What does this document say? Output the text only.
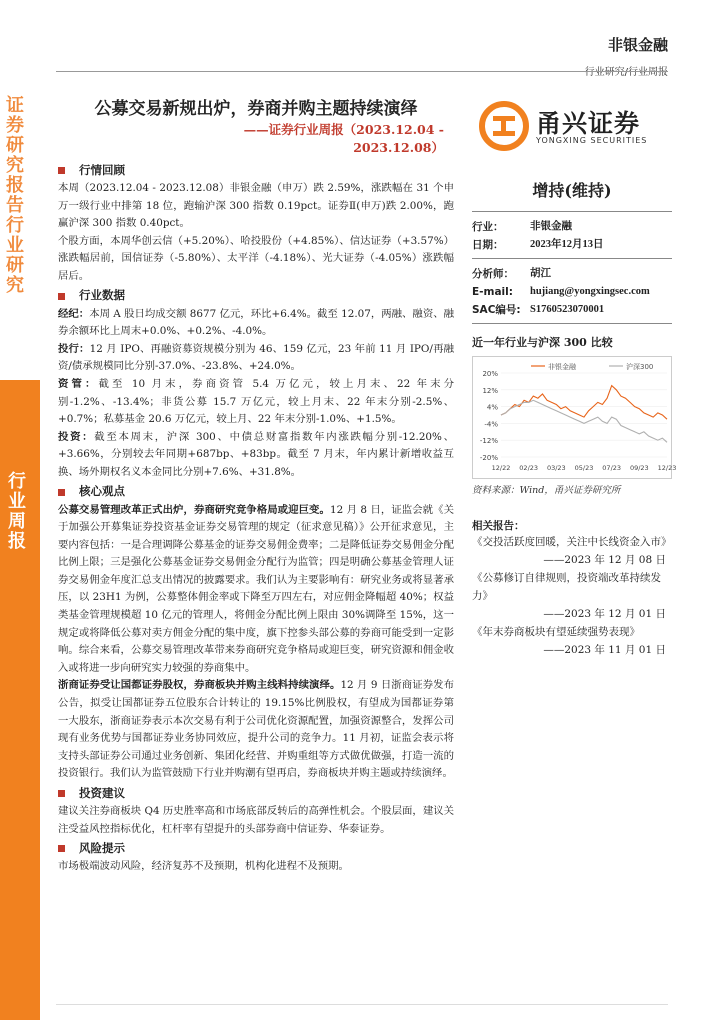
证券研究报告 行业研究
行业周报
非银金融
行业研究/行业周报
公募交易新规出炉，券商并购主题持续演绎
——证券行业周报（2023.12.04 - 2023.12.08）
甬兴证券
YONGXING SECURITIES
行情回顾
本周（2023.12.04 - 2023.12.08）非银金融（申万）跌 2.59%，涨跌幅在 31 个申万一级行业中排第 18 位，跑输沪深 300 指数 0.19pct。证券Ⅱ(申万)跌 2.00%，跑赢沪深 300 指数 0.40pct。
个股方面，本周华创云信（+5.20%）、哈投股份（+4.85%）、信达证券（+3.57%）涨跌幅居前，国信证券（-5.80%）、太平洋（-4.18%）、光大证券（-4.05%）涨跌幅居后。
行业数据
经纪：本周 A 股日均成交额 8677 亿元，环比+6.4%。截至 12.07，两融、融资、融券余额环比上周末+0.0%、+0.2%、-4.0%。
投行：12 月 IPO、再融资募资规模分别为 46、159 亿元，23 年前 11 月 IPO/再融资/债承规模同比分别-37.0%、-23.8%、+24.0%。
资管：截至 10 月末，券商资管 5.4 万亿元，较上月末、22 年末分别-1.2%、-13.4%；非货公募 15.7 万亿元，较上月末、22 年末分别-2.5%、+0.7%；私募基金 20.6 万亿元，较上月、22 年末分别-1.0%、+1.5%。
投资：截至本周末，沪深 300、中债总财富指数年内涨跌幅分别-12.20%、+3.66%，分别较去年同期+687bp、+83bp。截至 7 月末，年内累计新增收益互换、场外期权名义本金同比分别+7.6%、+31.8%。
核心观点
公募交易管理改革正式出炉，券商研究竞争格局或迎巨变。12 月 8 日，证监会就《关于加强公开募集证券投资基金证券交易管理的规定（征求意见稿）》公开征求意见，主要内容包括：一是合理调降公募基金的证券交易佣金费率；二是降低证券交易佣金分配比例上限；三是强化公募基金证券交易佣金分配行为监管；四是明确公募基金管理人证券交易佣金年度汇总支出情况的披露要求。我们认为主要影响有：研究业务或将显著承压，以 23H1 为例，公募整体佣金率或下降至万四左右，对应佣金降幅超 40%；权益类基金管理规模超 10 亿元的管理人，将佣金分配比例上限由 30%调降至 15%，这一规定或将降低公募对卖方佣金分配的集中度，旗下控参头部公募的券商可能受到一定影响。综合来看，公募交易管理改革带来券商研究竞争格局或迎巨变，研究资源和佣金收入或将进一步向研究实力较强的券商集中。
浙商证券受让国都证券股权，券商板块并购主线料持续演绎。12 月 9 日浙商证券发布公告，拟受让国都证券五位股东合计转让的 19.15%比例股权，有望成为国都证券第一大股东，浙商证券表示本次交易有利于公司优化资源配置，加强资源整合，发挥公司现有业务优势与国都证券业务协同效应，提升公司的竞争力。11 月初，证监会表示将支持头部证券公司通过业务创新、集团化经营、并购重组等方式做优做强，打造一流的投资银行。我们认为监管鼓励下行业并购潮有望再启，券商板块并购主题或持续演绎。
投资建议
建议关注券商板块 Q4 历史胜率高和市场底部反转后的高弹性机会。个股层面，建议关注受益风控指标优化，杠杆率有望提升的头部券商中信证券、华泰证券。
风险提示
市场极端波动风险，经济复苏不及预期，机构化进程不及预期。
增持(维持)
行业：	非银金融
日期：	2023年12月13日
分析师：	胡江
E-mail:	hujiang@yongxingsec.com
SAC编号: S1760523070001
近一年行业与沪深 300 比较
20%
12%
4%
-4%
-12%
-20%
12/22 02/23 03/23 05/23 07/23 09/23 12/23
非银金融	沪深300
资料来源：Wind，甬兴证券研究所
相关报告：
《交投活跃度回暖，关注中长线资金入市》
——2023 年 12 月 08 日
《公募修订自律规则，投资端改革持续发力》
——2023 年 12 月 01 日
《年末券商板块有望延续强势表现》
——2023 年 11 月 01 日
